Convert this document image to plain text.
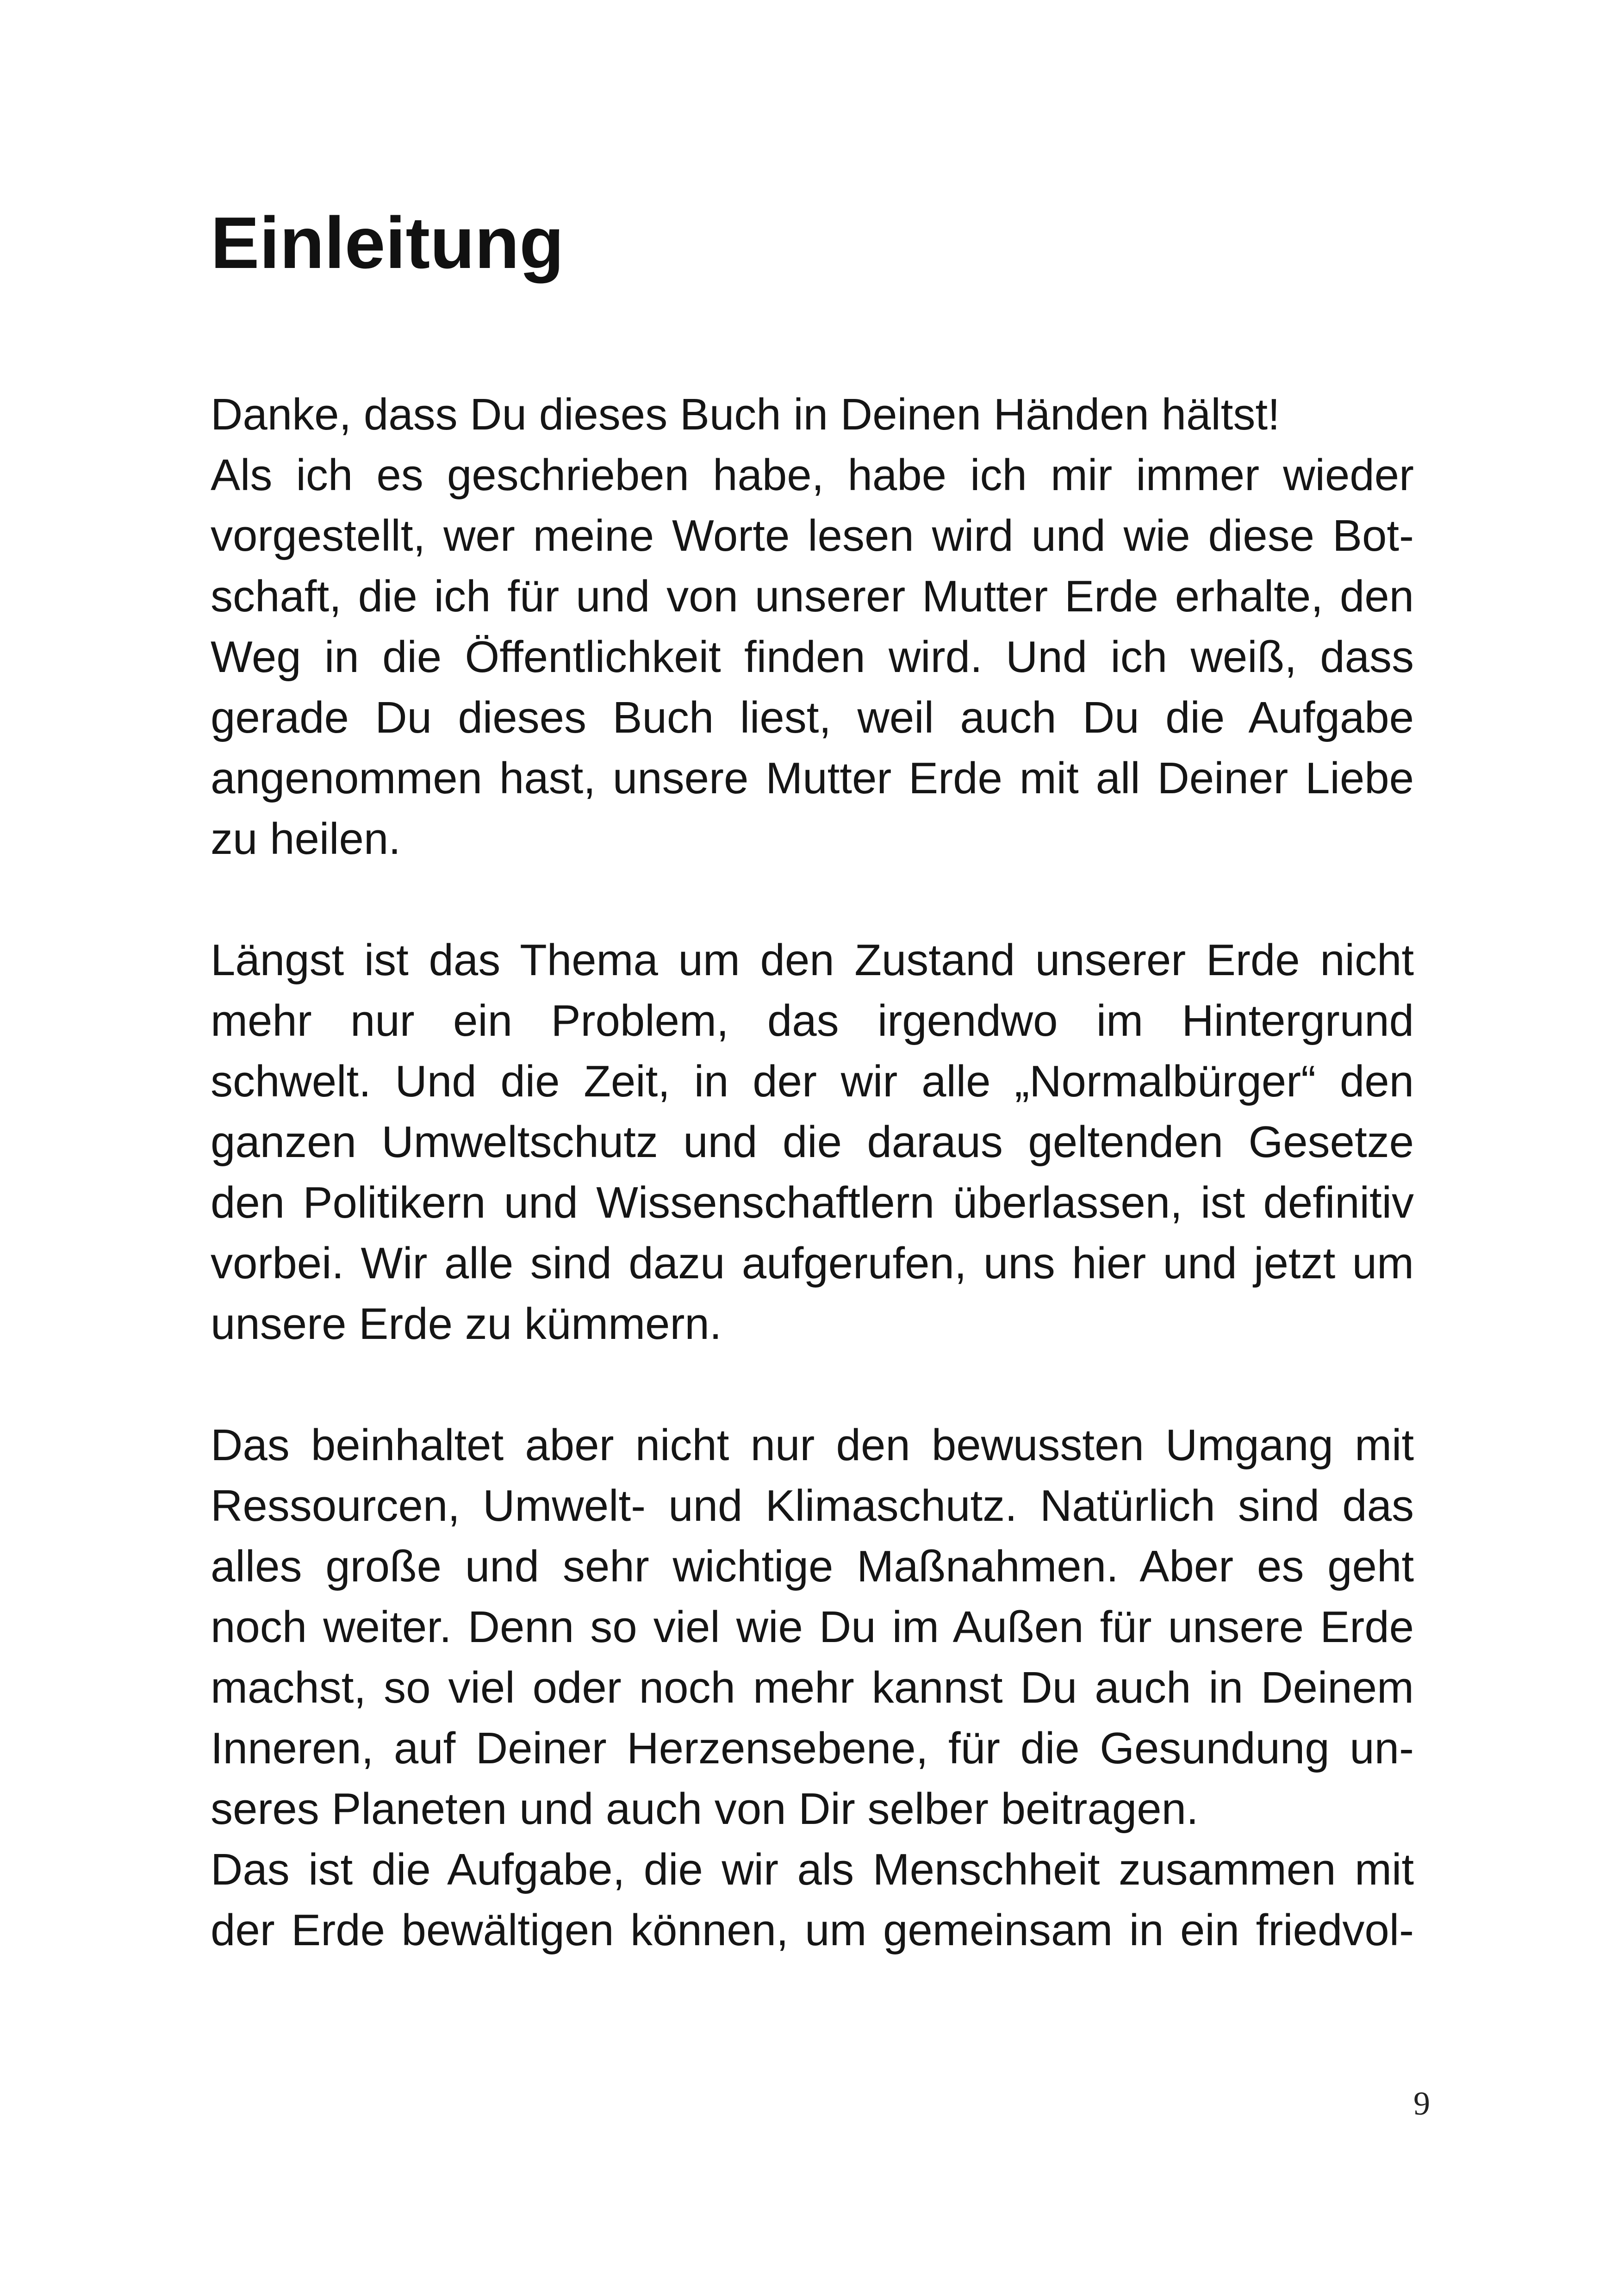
Einleitung
Danke, dass Du dieses Buch in Deinen Händen hältst!
Als ich es geschrieben habe, habe ich mir immer wieder
vorgestellt, wer meine Worte lesen wird und wie diese Bot-
schaft, die ich für und von unserer Mutter Erde erhalte, den
Weg in die Öffentlichkeit finden wird. Und ich weiß, dass
gerade Du dieses Buch liest, weil auch Du die Aufgabe
angenommen hast, unsere Mutter Erde mit all Deiner Liebe
zu heilen.
Längst ist das Thema um den Zustand unserer Erde nicht
mehr nur ein Problem, das irgendwo im Hintergrund
schwelt. Und die Zeit, in der wir alle „Normalbürger“ den
ganzen Umweltschutz und die daraus geltenden Gesetze
den Politikern und Wissenschaftlern überlassen, ist definitiv
vorbei. Wir alle sind dazu aufgerufen, uns hier und jetzt um
unsere Erde zu kümmern.
Das beinhaltet aber nicht nur den bewussten Umgang mit
Ressourcen, Umwelt- und Klimaschutz. Natürlich sind das
alles große und sehr wichtige Maßnahmen. Aber es geht
noch weiter. Denn so viel wie Du im Außen für unsere Erde
machst, so viel oder noch mehr kannst Du auch in Deinem
Inneren, auf Deiner Herzensebene, für die Gesundung un-
seres Planeten und auch von Dir selber beitragen.
Das ist die Aufgabe, die wir als Menschheit zusammen mit
der Erde bewältigen können, um gemeinsam in ein friedvol-
9
